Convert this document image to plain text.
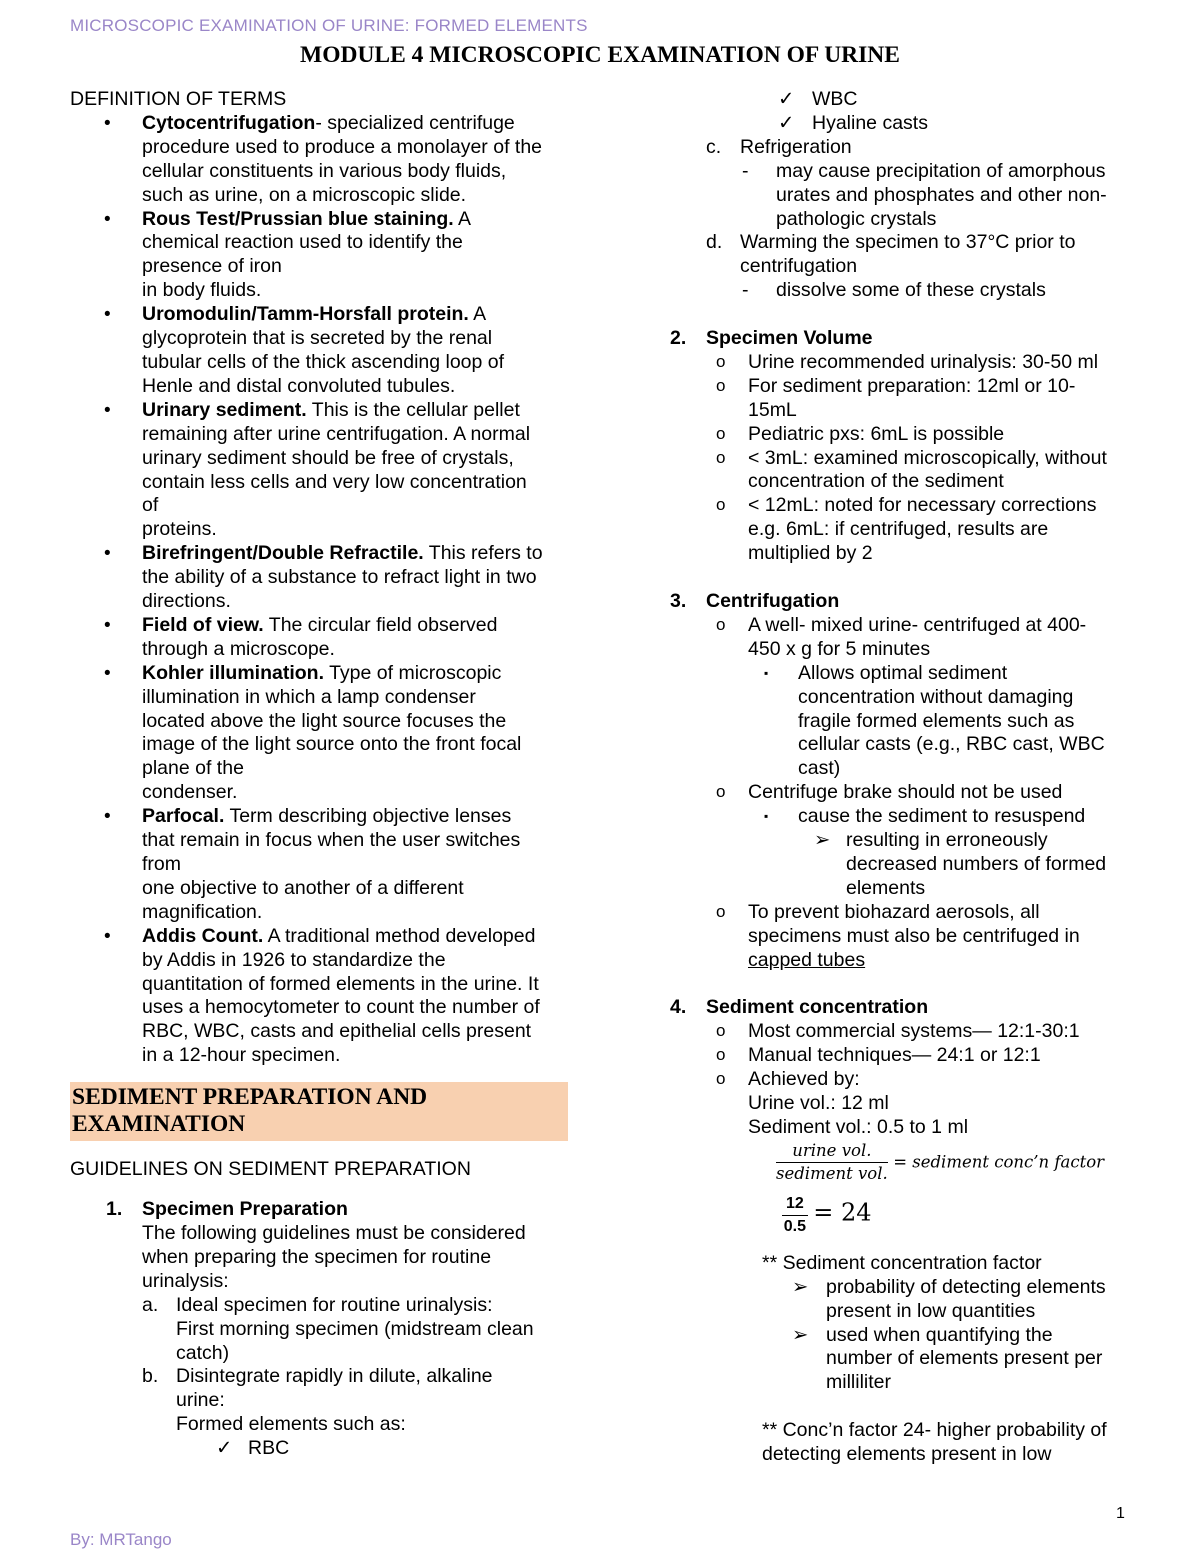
MICROSCOPIC EXAMINATION OF URINE: FORMED ELEMENTS
MODULE 4 MICROSCOPIC EXAMINATION OF URINE

DEFINITION OF TERMS

• Cytocentrifugation- specialized centrifuge
procedure used to produce a monolayer of the
cellular constituents in various body fluids,
such as urine, on a microscopic slide.
• Rous Test/Prussian blue staining. A
chemical reaction used to identify the
presence of iron
in body fluids.
• Uromodulin/Tamm-Horsfall protein. A
glycoprotein that is secreted by the renal
tubular cells of the thick ascending loop of
Henle and distal convoluted tubules.
• Urinary sediment. This is the cellular pellet
remaining after urine centrifugation. A normal
urinary sediment should be free of crystals,
contain less cells and very low concentration
of
proteins.
• Birefringent/Double Refractile. This refers to
the ability of a substance to refract light in two
directions.
• Field of view. The circular field observed
through a microscope.
• Kohler illumination. Type of microscopic
illumination in which a lamp condenser
located above the light source focuses the
image of the light source onto the front focal
plane of the
condenser.
• Parfocal. Term describing objective lenses
that remain in focus when the user switches
from
one objective to another of a different
magnification.
• Addis Count. A traditional method developed
by Addis in 1926 to standardize the
quantitation of formed elements in the urine. It
uses a hemocytometer to count the number of
RBC, WBC, casts and epithelial cells present
in a 12-hour specimen.
SEDIMENT PREPARATION AND
EXAMINATION

GUIDELINES ON SEDIMENT PREPARATION

1. Specimen Preparation
The following guidelines must be considered
when preparing the specimen for routine
urinalysis:
a. Ideal specimen for routine urinalysis:
First morning specimen (midstream clean
catch)
b. Disintegrate rapidly in dilute, alkaline
urine:
Formed elements such as:
✓ RBC
✓ WBC
✓ Hyaline casts
c. Refrigeration
- may cause precipitation of amorphous
urates and phosphates and other non-
pathologic crystals
d. Warming the specimen to 37°C prior to
centrifugation
- dissolve some of these crystals
2. Specimen Volume
o Urine recommended urinalysis: 30-50 ml
o For sediment preparation: 12ml or 10-
15mL
o Pediatric pxs: 6mL is possible
o < 3mL: examined microscopically, without
concentration of the sediment
o < 12mL: noted for necessary corrections
e.g. 6mL: if centrifuged, results are
multiplied by 2
3. Centrifugation
o A well- mixed urine- centrifuged at 400-
450 x g for 5 minutes
▪ Allows optimal sediment
concentration without damaging
fragile formed elements such as
cellular casts (e.g., RBC cast, WBC
cast)
o Centrifuge brake should not be used
▪ cause the sediment to resuspend
➢ resulting in erroneously
decreased numbers of formed
elements
o To prevent biohazard aerosols, all
specimens must also be centrifuged in
capped tubes
4. Sediment concentration
o Most commercial systems— 12:1-30:1
o Manual techniques— 24:1 or 12:1
o Achieved by:
Urine vol.: 12 ml
Sediment vol.: 0.5 to 1 ml
$\frac{\text{urine vol.}}{\text{sediment vol.}}$ = sediment conc’n factor
$\frac{12}{0.5} = 24$
** Sediment concentration factor
➢ probability of detecting elements
present in low quantities
➢ used when quantifying the
number of elements present per
milliliter
** Conc’n factor 24- higher probability of
detecting elements present in low
1
By: MRTango
